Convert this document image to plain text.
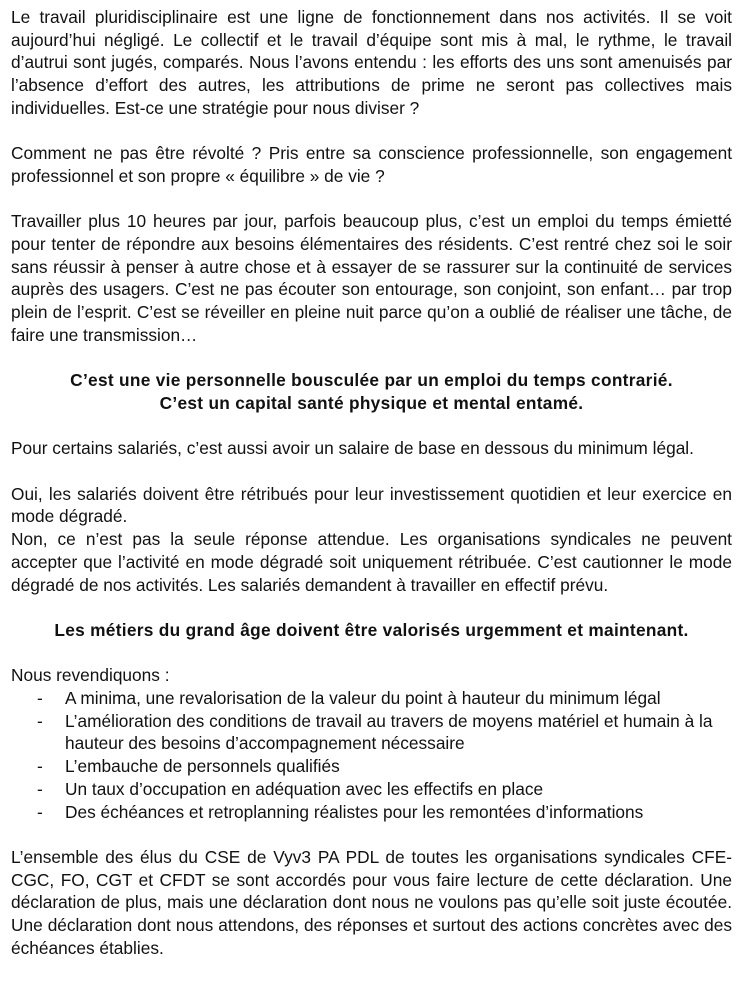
Le travail pluridisciplinaire est une ligne de fonctionnement dans nos activités. Il se voit aujourd’hui négligé. Le collectif et le travail d’équipe sont mis à mal, le rythme, le travail d’autrui sont jugés, comparés. Nous l’avons entendu : les efforts des uns sont amenuisés par l’absence d’effort des autres, les attributions de prime ne seront pas collectives mais individuelles. Est-ce une stratégie pour nous diviser ?

Comment ne pas être révolté ? Pris entre sa conscience professionnelle, son engagement professionnel et son propre « équilibre » de vie ?

Travailler plus 10 heures par jour, parfois beaucoup plus, c’est un emploi du temps émietté pour tenter de répondre aux besoins élémentaires des résidents. C’est rentré chez soi le soir sans réussir à penser à autre chose et à essayer de se rassurer sur la continuité de services auprès des usagers. C’est ne pas écouter son entourage, son conjoint, son enfant… par trop plein de l’esprit. C’est se réveiller en pleine nuit parce qu’on a oublié de réaliser une tâche, de faire une transmission…

C’est une vie personnelle bousculée par un emploi du temps contrarié.
C’est un capital santé physique et mental entamé.

Pour certains salariés, c’est aussi avoir un salaire de base en dessous du minimum légal.

Oui, les salariés doivent être rétribués pour leur investissement quotidien et leur exercice en mode dégradé.

Non, ce n’est pas la seule réponse attendue. Les organisations syndicales ne peuvent accepter que l’activité en mode dégradé soit uniquement rétribuée. C’est cautionner le mode dégradé de nos activités. Les salariés demandent à travailler en effectif prévu.

Les métiers du grand âge doivent être valorisés urgemment et maintenant.

Nous revendiquons :

- A minima, une revalorisation de la valeur du point à hauteur du minimum légal
- L’amélioration des conditions de travail au travers de moyens matériel et humain à la hauteur des besoins d’accompagnement nécessaire
- L’embauche de personnels qualifiés
- Un taux d’occupation en adéquation avec les effectifs en place
- Des échéances et retroplanning réalistes pour les remontées d’informations

L’ensemble des élus du CSE de Vyv3 PA PDL de toutes les organisations syndicales CFE-CGC, FO, CGT et CFDT se sont accordés pour vous faire lecture de cette déclaration. Une déclaration de plus, mais une déclaration dont nous ne voulons pas qu’elle soit juste écoutée. Une déclaration dont nous attendons, des réponses et surtout des actions concrètes avec des échéances établies.
